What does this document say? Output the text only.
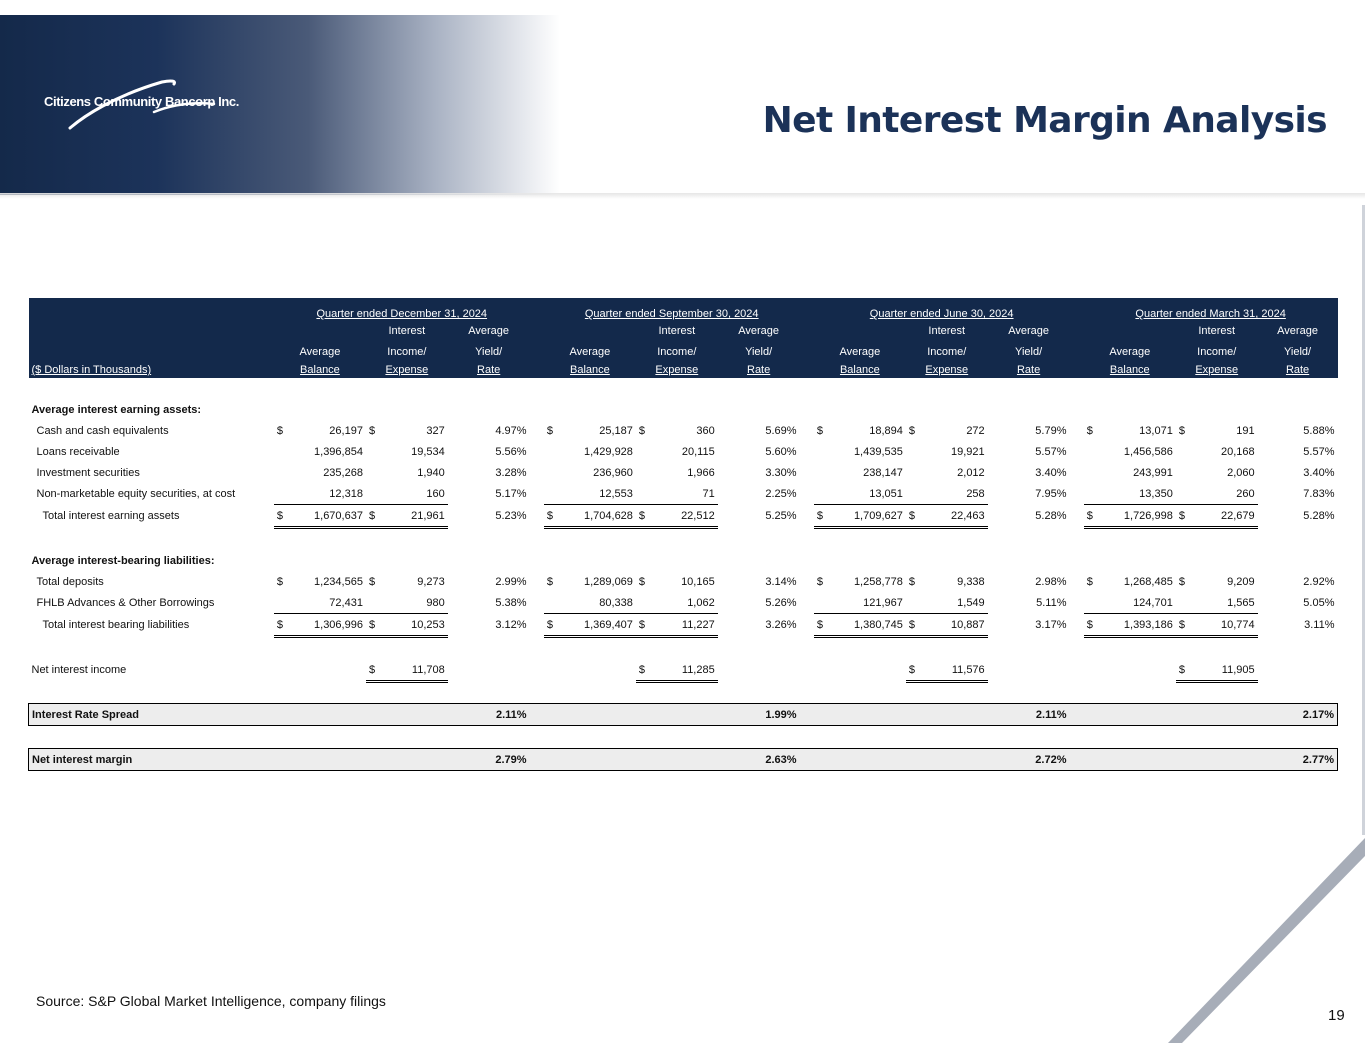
Citizens Community Bancorp Inc.	Net Interest Margin Analysis
	Quarter ended December 31, 2024				Quarter ended September 30, 2024				Quarter ended June 30, 2024				Quarter ended March 31, 2024		
		Interest	Average			Interest	Average			Interest	Average			Interest	Average
	Average	Income/	Yield/		Average	Income/	Yield/		Average	Income/	Yield/		Average	Income/	Yield/
($ Dollars in Thousands)	Balance	Expense	Rate		Balance	Expense	Rate		Balance	Expense	Rate		Balance	Expense	Rate

Average interest earning assets:															
Cash and cash equivalents	$ 26,197	$ 327	4.97%		$ 25,187	$ 360	5.69%		$ 18,894	$ 272	5.79%		$ 13,071	$ 191	5.88%
Loans receivable	1,396,854	19,534	5.56%		1,429,928	20,115	5.60%		1,439,535	19,921	5.57%		1,456,586	20,168	5.57%
Investment securities	235,268	1,940	3.28%		236,960	1,966	3.30%		238,147	2,012	3.40%		243,991	2,060	3.40%
Non-marketable equity securities, at cost	12,318	160	5.17%		12,553	71	2.25%		13,051	258	7.95%		13,350	260	7.83%
Total interest earning assets	$ 1,670,637	$ 21,961	5.23%		$ 1,704,628	$ 22,512	5.25%		$ 1,709,627	$ 22,463	5.28%		$ 1,726,998	$ 22,679	5.28%

Average interest-bearing liabilities:															
Total deposits	$ 1,234,565	$ 9,273	2.99%		$ 1,289,069	$ 10,165	3.14%		$ 1,258,778	$ 9,338	2.98%		$ 1,268,485	$ 9,209	2.92%
FHLB Advances & Other Borrowings	72,431	980	5.38%		80,338	1,062	5.26%		121,967	1,549	5.11%		124,701	1,565	5.05%
Total interest bearing liabilities	$ 1,306,996	$ 10,253	3.12%		$ 1,369,407	$ 11,227	3.26%		$ 1,380,745	$ 10,887	3.17%		$ 1,393,186	$ 10,774	3.11%

Net interest income		$ 11,708				$ 11,285				$ 11,576				$ 11,905	

Interest Rate Spread			2.11%				1.99%				2.11%				2.17%

Net interest margin			2.79%				2.63%				2.72%				2.77%
Source: S&P Global Market Intelligence, company filings
19
